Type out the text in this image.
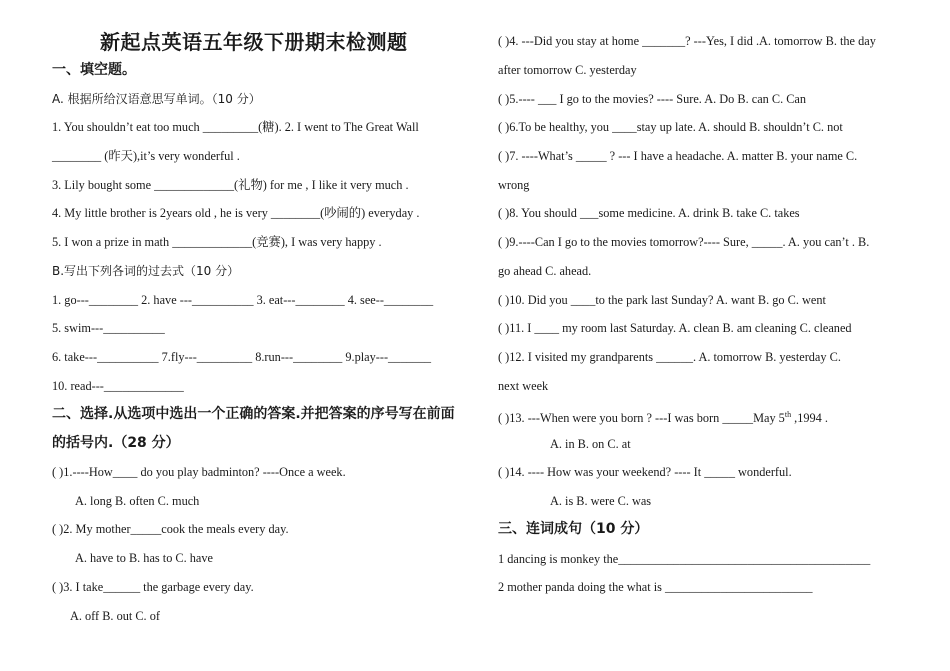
新起点英语五年级下册期末检测题
一、填空题。
A. 根据所给汉语意思写单词。（10 分）
1. You shouldn’t eat too much _________(糖). 2. I went to The Great Wall
________ (昨天),it’s very wonderful .
3. Lily bought some _____________(礼物) for me , I like it very much .
4. My little brother is 2years old , he is very ________(吵闹的) everyday .
5. I won a prize in math _____________(竞赛), I was very happy .
B.写出下列各词的过去式（10 分）
1. go---________ 2. have ---__________ 3. eat---________ 4. see--________
5. swim---__________
6. take---__________ 7.fly---_________ 8.run---________ 9.play---_______
10. read---_____________
二、选择.从选项中选出一个正确的答案.并把答案的序号写在前面
的括号内.（28 分）
( )1.----How____ do you play badminton? ----Once a week.
A. long B. often C. much
( )2. My mother_____cook the meals every day.
A. have to B. has to C. have
( )3. I take______ the garbage every day.
A. off B. out C. of
( )4. ---Did you stay at home _______? ---Yes, I did .A. tomorrow B. the day
after tomorrow C. yesterday
( )5.---- ___ I go to the movies? ---- Sure. A. Do B. can C. Can
( )6.To be healthy, you ____stay up late. A. should B. shouldn’t C. not
( )7. ----What’s _____ ? --- I have a headache. A. matter B. your name C.
wrong
( )8. You should ___some medicine. A. drink B. take C. takes
( )9.----Can I go to the movies tomorrow?---- Sure, _____. A. you can’t . B.
go ahead C. ahead.
( )10. Did you ____to the park last Sunday? A. want B. go C. went
( )11. I ____ my room last Saturday. A. clean B. am cleaning C. cleaned
( )12. I visited my grandparents ______. A. tomorrow B. yesterday C.
next week
( )13. ---When were you born ? ---I was born _____May 5th ,1994 .
A. in B. on C. at
( )14. ---- How was your weekend? ---- It _____ wonderful.
A. is B. were C. was
三、连词成句（10 分）
1 dancing is monkey the_________________________________________
2 mother panda doing the what is ________________________
